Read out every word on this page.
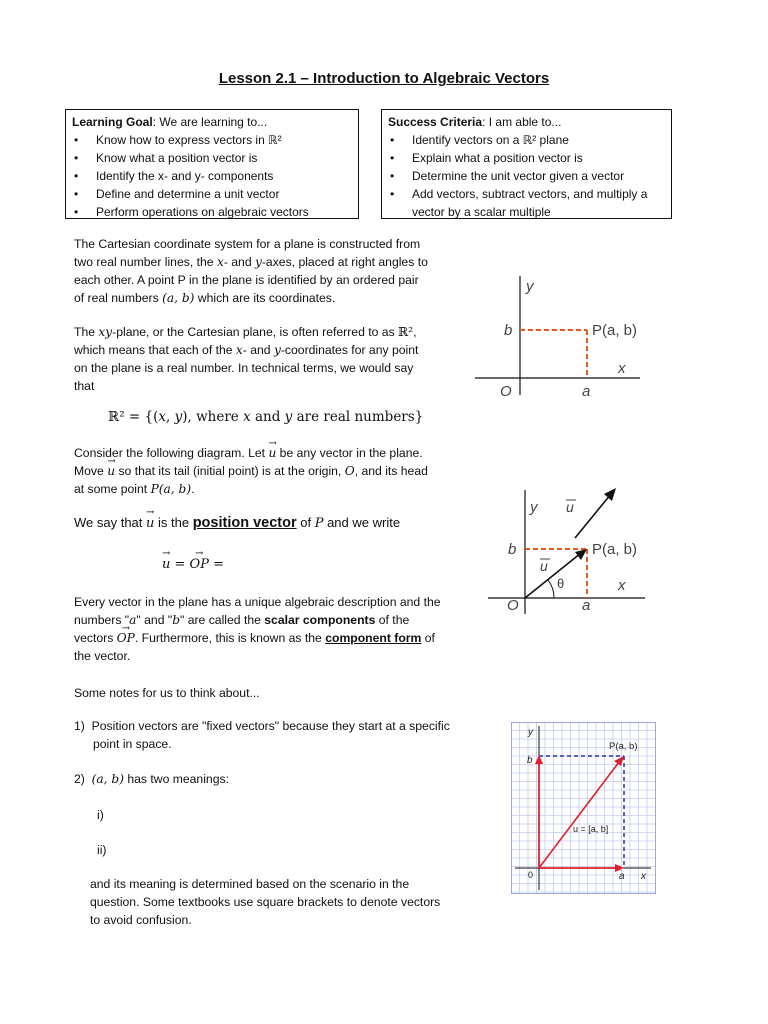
Lesson 2.1 – Introduction to Algebraic Vectors
Learning Goal: We are learning to...
• Know how to express vectors in ℝ²
• Know what a position vector is
• Identify the x- and y- components
• Define and determine a unit vector
• Perform operations on algebraic vectors
Success Criteria: I am able to...
• Identify vectors on a ℝ² plane
• Explain what a position vector is
• Determine the unit vector given a vector
• Add vectors, subtract vectors, and multiply a vector by a scalar multiple

The Cartesian coordinate system for a plane is constructed from

two real number lines, the x- and y-axes, placed at right angles to

each other. A point P in the plane is identified by an ordered pair

of real numbers (a, b) which are its coordinates.

The xy-plane, or the Cartesian plane, is often referred to as ℝ²,

which means that each of the x- and y-coordinates for any point

on the plane is a real number. In technical terms, we would say

that

ℝ² = {(x, y), where x and y are real numbers}

Consider the following diagram. Let → u be any vector in the plane.

Move → u so that its tail (initial point) is at the origin, O, and its head

at some point P(a, b).

We say that → u is the position vector of P and we write
→ u = → OP =

Every vector in the plane has a unique algebraic description and the

numbers "a" and "b" are called the scalar components of the

vectors → OP. Furthermore, this is known as the component form of

the vector.

Some notes for us to think about...

1) Position vectors are "fixed vectors" because they start at a specific

point in space.

2) (a, b) has two meanings:
i)
ii)

and its meaning is determined based on the scenario in the

question. Some textbooks use square brackets to denote vectors

to avoid confusion.

y
b	P(a, b)
x
O	a
y u
b	P(a, b)
u
θ	x
O	a
y
b
P(a, b)
u = [a, b]
0	a x
